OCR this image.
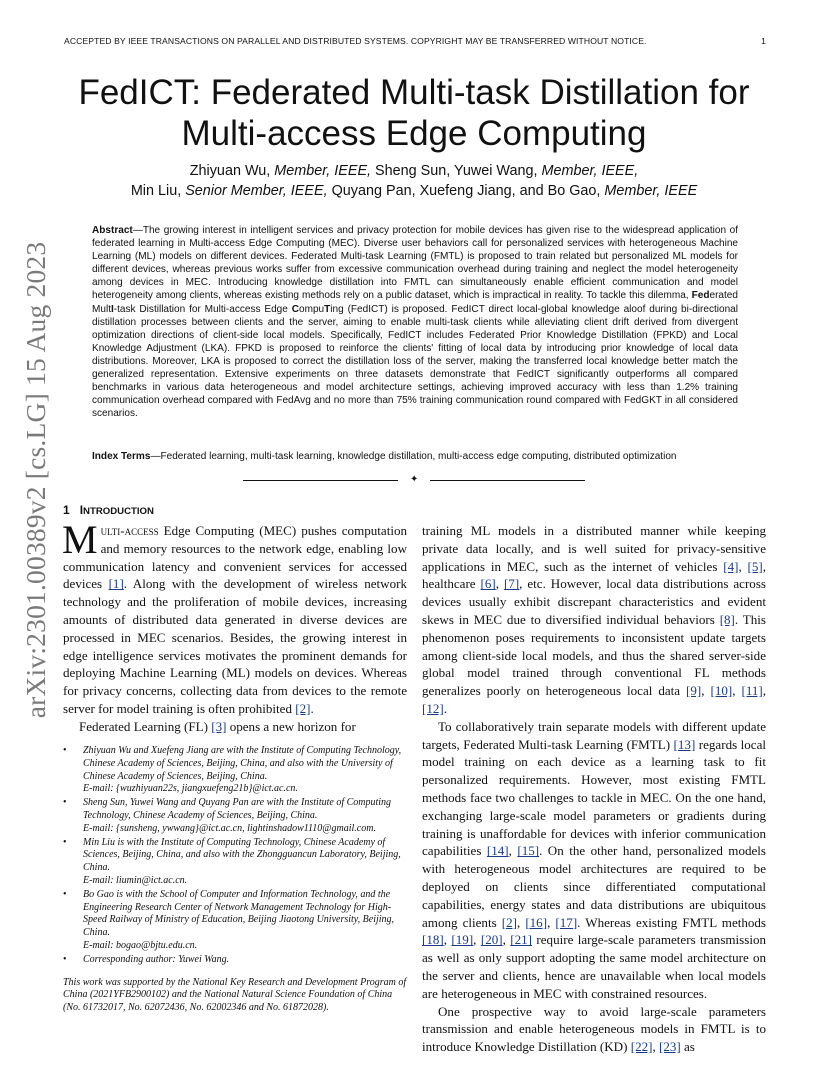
ACCEPTED BY IEEE TRANSACTIONS ON PARALLEL AND DISTRIBUTED SYSTEMS. COPYRIGHT MAY BE TRANSFERRED WITHOUT NOTICE.	1
arXiv:2301.00389v2 [cs.LG] 15 Aug 2023
FedICT: Federated Multi-task Distillation for
Multi-access Edge Computing
Zhiyuan Wu, Member, IEEE, Sheng Sun, Yuwei Wang, Member, IEEE,
Min Liu, Senior Member, IEEE, Quyang Pan, Xuefeng Jiang, and Bo Gao, Member, IEEE
Abstract—The growing interest in intelligent services and privacy protection for mobile devices has given rise to the widespread application of federated learning in Multi-access Edge Computing (MEC). Diverse user behaviors call for personalized services with heterogeneous Machine Learning (ML) models on different devices. Federated Multi-task Learning (FMTL) is proposed to train related but personalized ML models for different devices, whereas previous works suffer from excessive communication overhead during training and neglect the model heterogeneity among devices in MEC. Introducing knowledge distillation into FMTL can simultaneously enable efficient communication and model heterogeneity among clients, whereas existing methods rely on a public dataset, which is impractical in reality. To tackle this dilemma, Federated MultI-task Distillation for Multi-access Edge CompuTing (FedICT) is proposed. FedICT direct local-global knowledge aloof during bi-directional distillation processes between clients and the server, aiming to enable multi-task clients while alleviating client drift derived from divergent optimization directions of client-side local models. Specifically, FedICT includes Federated Prior Knowledge Distillation (FPKD) and Local Knowledge Adjustment (LKA). FPKD is proposed to reinforce the clients' fitting of local data by introducing prior knowledge of local data distributions. Moreover, LKA is proposed to correct the distillation loss of the server, making the transferred local knowledge better match the generalized representation. Extensive experiments on three datasets demonstrate that FedICT significantly outperforms all compared benchmarks in various data heterogeneous and model architecture settings, achieving improved accuracy with less than 1.2% training communication overhead compared with FedAvg and no more than 75% training communication round compared with FedGKT in all considered scenarios.
Index Terms—Federated learning, multi-task learning, knowledge distillation, multi-access edge computing, distributed optimization
✦
1 INTRODUCTION

Multi-access Edge Computing (MEC) pushes computation and memory resources to the network edge, enabling low communication latency and convenient services for accessed devices [1]. Along with the development of wireless network technology and the proliferation of mobile devices, increasing amounts of distributed data generated in diverse devices are processed in MEC scenarios. Besides, the growing interest in edge intelligence services motivates the prominent demands for deploying Machine Learning (ML) models on devices. Whereas for privacy concerns, collecting data from devices to the remote server for model training is often prohibited [2].

Federated Learning (FL) [3] opens a new horizon for

• Zhiyuan Wu and Xuefeng Jiang are with the Institute of Computing Technology, Chinese Academy of Sciences, Beijing, China, and also with the University of Chinese Academy of Sciences, Beijing, China.
E-mail: {wuzhiyuan22s, jiangxuefeng21b}@ict.ac.cn.
• Sheng Sun, Yuwei Wang and Quyang Pan are with the Institute of Computing Technology, Chinese Academy of Sciences, Beijing, China.
E-mail: {sunsheng, ywwang}@ict.ac.cn, lightinshadow1110@gmail.com.
• Min Liu is with the Institute of Computing Technology, Chinese Academy of Sciences, Beijing, China, and also with the Zhongguancun Laboratory, Beijing, China.
E-mail: liumin@ict.ac.cn.
• Bo Gao is with the School of Computer and Information Technology, and the Engineering Research Center of Network Management Technology for High-Speed Railway of Ministry of Education, Beijing Jiaotong University, Beijing, China.
E-mail: bogao@bjtu.edu.cn.
• Corresponding author: Yuwei Wang.
This work was supported by the National Key Research and Development Program of China (2021YFB2900102) and the National Natural Science Foundation of China (No. 61732017, No. 62072436, No. 62002346 and No. 61872028).

training ML models in a distributed manner while keeping private data locally, and is well suited for privacy-sensitive applications in MEC, such as the internet of vehicles [4], [5], healthcare [6], [7], etc. However, local data distributions across devices usually exhibit discrepant characteristics and evident skews in MEC due to diversified individual behaviors [8]. This phenomenon poses requirements to inconsistent update targets among client-side local models, and thus the shared server-side global model trained through conventional FL methods generalizes poorly on heterogeneous local data [9], [10], [11], [12].

To collaboratively train separate models with different update targets, Federated Multi-task Learning (FMTL) [13] regards local model training on each device as a learning task to fit personalized requirements. However, most existing FMTL methods face two challenges to tackle in MEC. On the one hand, exchanging large-scale model parameters or gradients during training is unaffordable for devices with inferior communication capabilities [14], [15]. On the other hand, personalized models with heterogeneous model architectures are required to be deployed on clients since differentiated computational capabilities, energy states and data distributions are ubiquitous among clients [2], [16], [17]. Whereas existing FMTL methods [18], [19], [20], [21] require large-scale parameters transmission as well as only support adopting the same model architecture on the server and clients, hence are unavailable when local models are heterogeneous in MEC with constrained resources.

One prospective way to avoid large-scale parameters transmission and enable heterogeneous models in FMTL is to introduce Knowledge Distillation (KD) [22], [23] as
